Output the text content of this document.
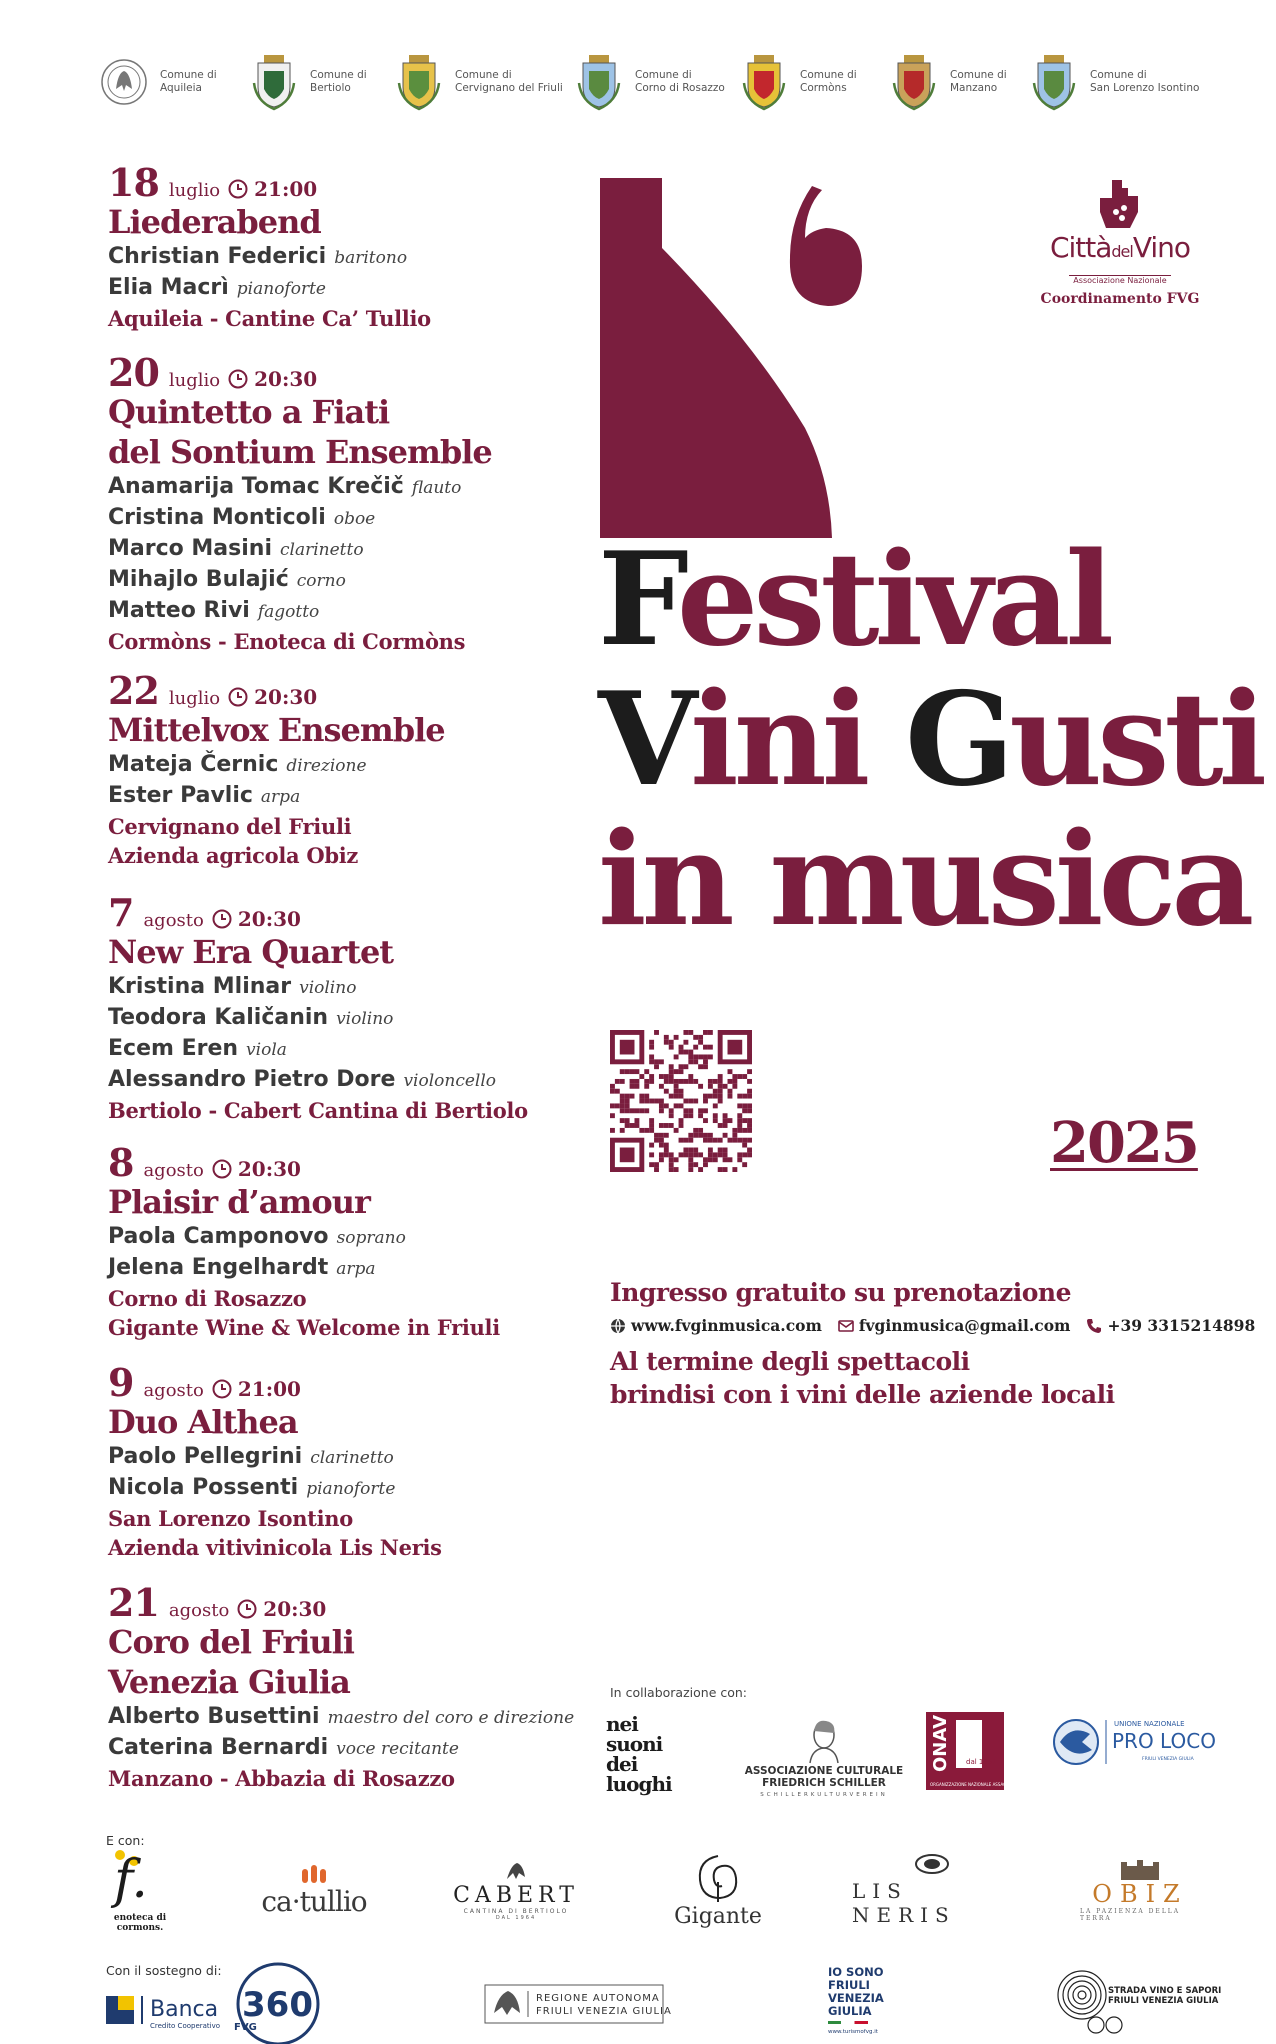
Comune di
Aquileia
Comune di
Bertiolo
Comune di
Cervignano del Friuli
Comune di
Corno di Rosazzo
Comune di
Cormòns
Comune di
Manzano
Comune di
San Lorenzo Isontino
18 luglio 21:00
Liederabend
Christian Federici baritono
Elia Macrì pianoforte
Aquileia - Cantine Ca’ Tullio
20 luglio 20:30
Quintetto a Fiati
del Sontium Ensemble
Anamarija Tomac Krečič flauto
Cristina Monticoli oboe
Marco Masini clarinetto
Mihajlo Bulajić corno
Matteo Rivi fagotto
Cormòns - Enoteca di Cormòns
22 luglio 20:30
Mittelvox Ensemble
Mateja Černic direzione
Ester Pavlic arpa
Cervignano del Friuli
Azienda agricola Obiz
7 agosto 20:30
New Era Quartet
Kristina Mlinar violino
Teodora Kaličanin violino
Ecem Eren viola
Alessandro Pietro Dore violoncello
Bertiolo - Cabert Cantina di Bertiolo
8 agosto 20:30
Plaisir d’amour
Paola Camponovo soprano
Jelena Engelhardt arpa
Corno di Rosazzo
Gigante Wine & Welcome in Friuli
9 agosto 21:00
Duo Althea
Paolo Pellegrini clarinetto
Nicola Possenti pianoforte
San Lorenzo Isontino
Azienda vitivinicola Lis Neris
21 agosto 20:30
Coro del Friuli
Venezia Giulia
Alberto Busettini maestro del coro e direzione
Caterina Bernardi voce recitante
Manzano - Abbazia di Rosazzo
Festival
Vini Gusti
in musica
CittàdelVino
Associazione Nazionale
Coordinamento FVG
2025
Ingresso gratuito su prenotazione
www.fvginmusica.com fvginmusica@gmail.com +39 3315214898
Al termine degli spettacoli
brindisi con i vini delle aziende locali
In collaborazione con:
nei
suoni
dei
luoghi
ASSOCIAZIONE CULTURALE
FRIEDRICH SCHILLER
SCHILLERKULTURVEREIN
ONAV dal 1951
ORGANIZZAZIONE NAZIONALE ASSAGGIATORI DI VINO
UNIONE NAZIONALE
PRO LOCO
FRIULI VENEZIA GIULIA
E con:
f.
enoteca di cormons.
ca·tullio	CABERT
CANTINA DI BERTIOLO
DAL 1964	Gigante
LIS NERIS
OBIZ
LA PAZIENZA DELLA TERRA
Con il sostegno di:
Banca
Credito Cooperativo
360
FVG
REGIONE AUTONOMA
FRIULI VENEZIA GIULIA
IO SONO
FRIULI
VENEZIA
GIULIA
www.turismofvg.it
STRADA VINO E SAPORI
FRIULI VENEZIA GIULIA
